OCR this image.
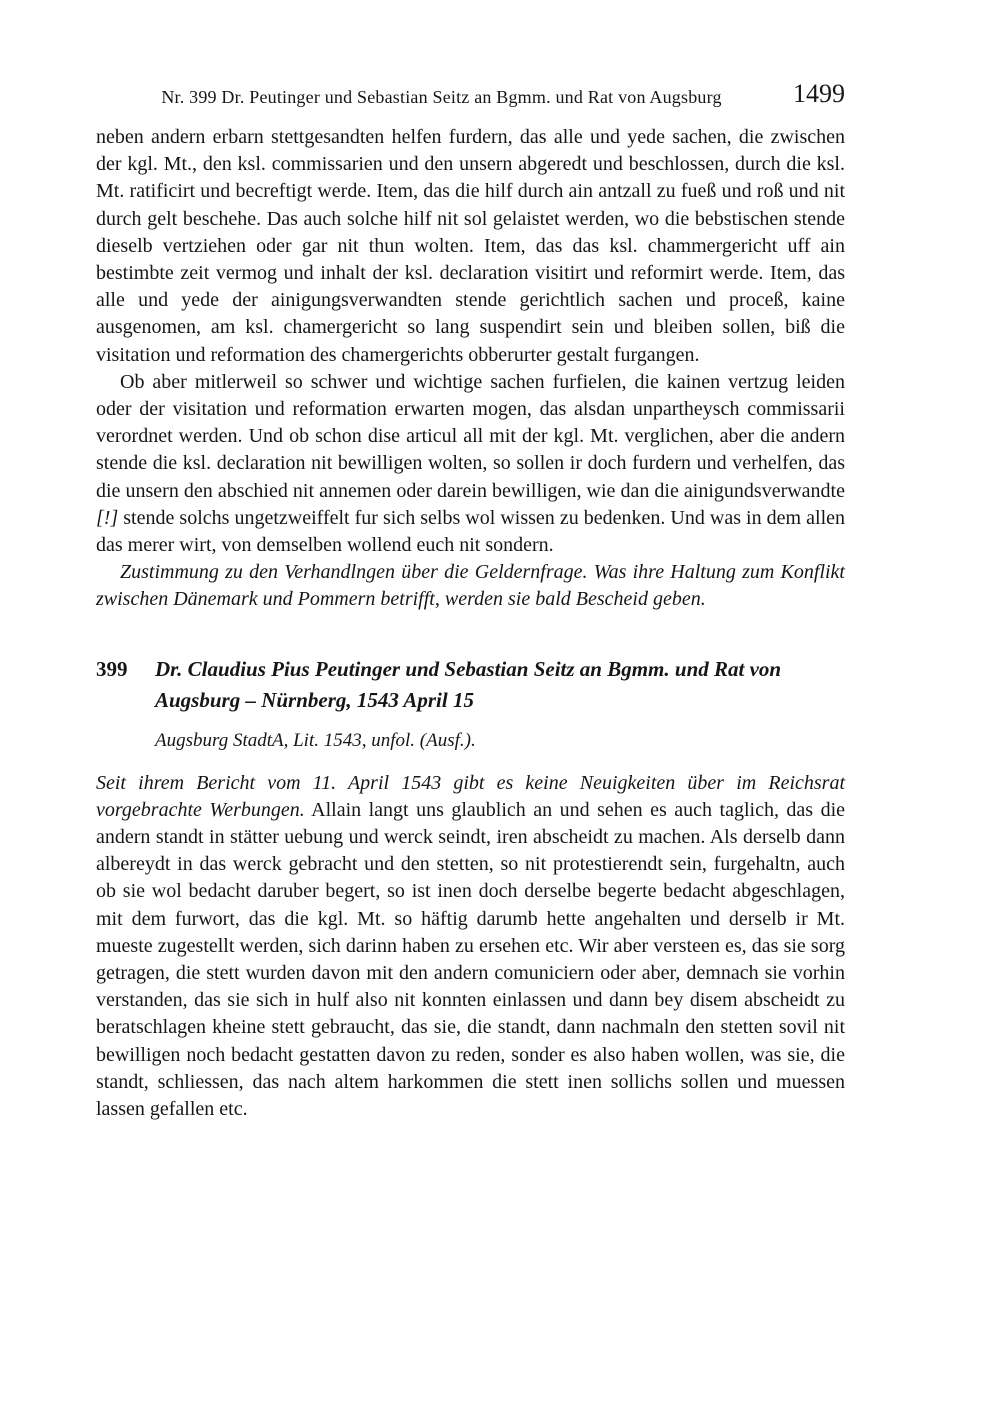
Nr. 399 Dr. Peutinger und Sebastian Seitz an Bgmm. und Rat von Augsburg	1499

neben andern erbarn stettgesandten helfen furdern, das alle und yede sachen, die zwischen der kgl. Mt., den ksl. commissarien und den unsern abgeredt und beschlossen, durch die ksl. Mt. ratificirt und becreftigt werde. Item, das die hilf durch ain antzall zu fueß und roß und nit durch gelt beschehe. Das auch solche hilf nit sol gelaistet werden, wo die bebstischen stende dieselb vertziehen oder gar nit thun wolten. Item, das das ksl. chammergericht uff ain bestimbte zeit vermog und inhalt der ksl. declaration visitirt und reformirt werde. Item, das alle und yede der ainigungsverwandten stende gerichtlich sachen und proceß, kaine ausgenomen, am ksl. chamergericht so lang suspendirt sein und bleiben sollen, biß die visitation und reformation des chamergerichts obberurter gestalt furgangen.

Ob aber mitlerweil so schwer und wichtige sachen furfielen, die kainen vertzug leiden oder der visitation und reformation erwarten mogen, das alsdan unpartheysch commissarii verordnet werden. Und ob schon dise articul all mit der kgl. Mt. verglichen, aber die andern stende die ksl. declaration nit bewilligen wolten, so sollen ir doch furdern und verhelfen, das die unsern den abschied nit annemen oder darein bewilligen, wie dan die ainigundsverwandte [!] stende solchs ungetzweiffelt fur sich selbs wol wissen zu bedenken. Und was in dem allen das merer wirt, von demselben wollend euch nit sondern.

Zustimmung zu den Verhandlngen über die Geldernfrage. Was ihre Haltung zum Konflikt zwischen Dänemark und Pommern betrifft, werden sie bald Bescheid geben.

399	Dr. Claudius Pius Peutinger und Sebastian Seitz an Bgmm. und Rat von Augsburg – Nürnberg, 1543 April 15

Augsburg StadtA, Lit. 1543, unfol. (Ausf.).

Seit ihrem Bericht vom 11. April 1543 gibt es keine Neuigkeiten über im Reichsrat vorgebrachte Werbungen. Allain langt uns glaublich an und sehen es auch taglich, das die andern standt in stätter uebung und werck seindt, iren abscheidt zu machen. Als derselb dann albereydt in das werck gebracht und den stetten, so nit protestierendt sein, furgehaltn, auch ob sie wol bedacht daruber begert, so ist inen doch derselbe begerte bedacht abgeschlagen, mit dem furwort, das die kgl. Mt. so häftig darumb hette angehalten und derselb ir Mt. mueste zugestellt werden, sich darinn haben zu ersehen etc. Wir aber versteen es, das sie sorg getragen, die stett wurden davon mit den andern comuniciern oder aber, demnach sie vorhin verstanden, das sie sich in hulf also nit konnten einlassen und dann bey disem abscheidt zu beratschlagen kheine stett gebraucht, das sie, die standt, dann nachmaln den stetten sovil nit bewilligen noch bedacht gestatten davon zu reden, sonder es also haben wollen, was sie, die standt, schliessen, das nach altem harkommen die stett inen sollichs sollen und muessen lassen gefallen etc.
